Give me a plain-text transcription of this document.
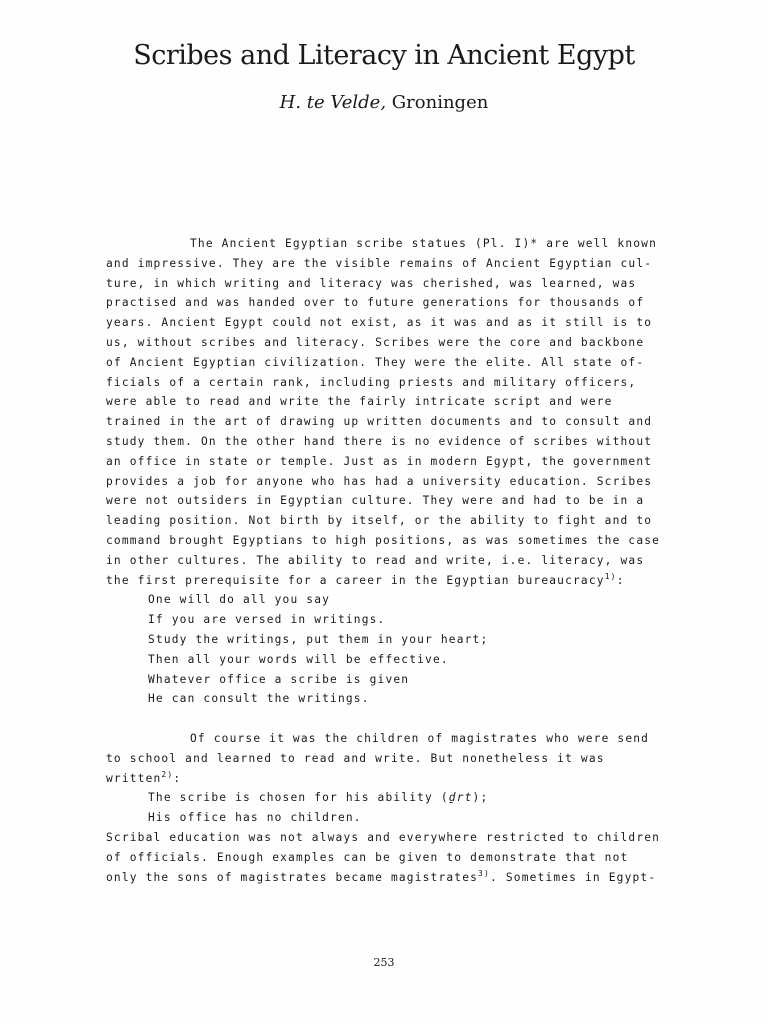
Scribes and Literacy in Ancient Egypt

H. te Velde, Groningen

The Ancient Egyptian scribe statues (Pl. I)* are well known
and impressive. They are the visible remains of Ancient Egyptian cul-
ture, in which writing and literacy was cherished, was learned, was
practised and was handed over to future generations for thousands of
years. Ancient Egypt could not exist, as it was and as it still is to
us, without scribes and literacy. Scribes were the core and backbone
of Ancient Egyptian civilization. They were the elite. All state of-
ficials of a certain rank, including priests and military officers,
were able to read and write the fairly intricate script and were
trained in the art of drawing up written documents and to consult and
study them. On the other hand there is no evidence of scribes without
an office in state or temple. Just as in modern Egypt, the government
provides a job for anyone who has had a university education. Scribes
were not outsiders in Egyptian culture. They were and had to be in a
leading position. Not birth by itself, or the ability to fight and to
command brought Egyptians to high positions, as was sometimes the case
in other cultures. The ability to read and write, i.e. literacy, was
the first prerequisite for a career in the Egyptian bureaucracy$^{1)}$:
One will do all you say
If you are versed in writings.
Study the writings, put them in your heart;
Then all your words will be effective.
Whatever office a scribe is given
He can consult the writings.
Of course it was the children of magistrates who were send
to school and learned to read and write. But nonetheless it was
written$^{2)}$:
The scribe is chosen for his ability (ḏrt);
His office has no children.
Scribal education was not always and everywhere restricted to children
of officials. Enough examples can be given to demonstrate that not
only the sons of magistrates became magistrates$^{3)}$. Sometimes in Egypt-
253
